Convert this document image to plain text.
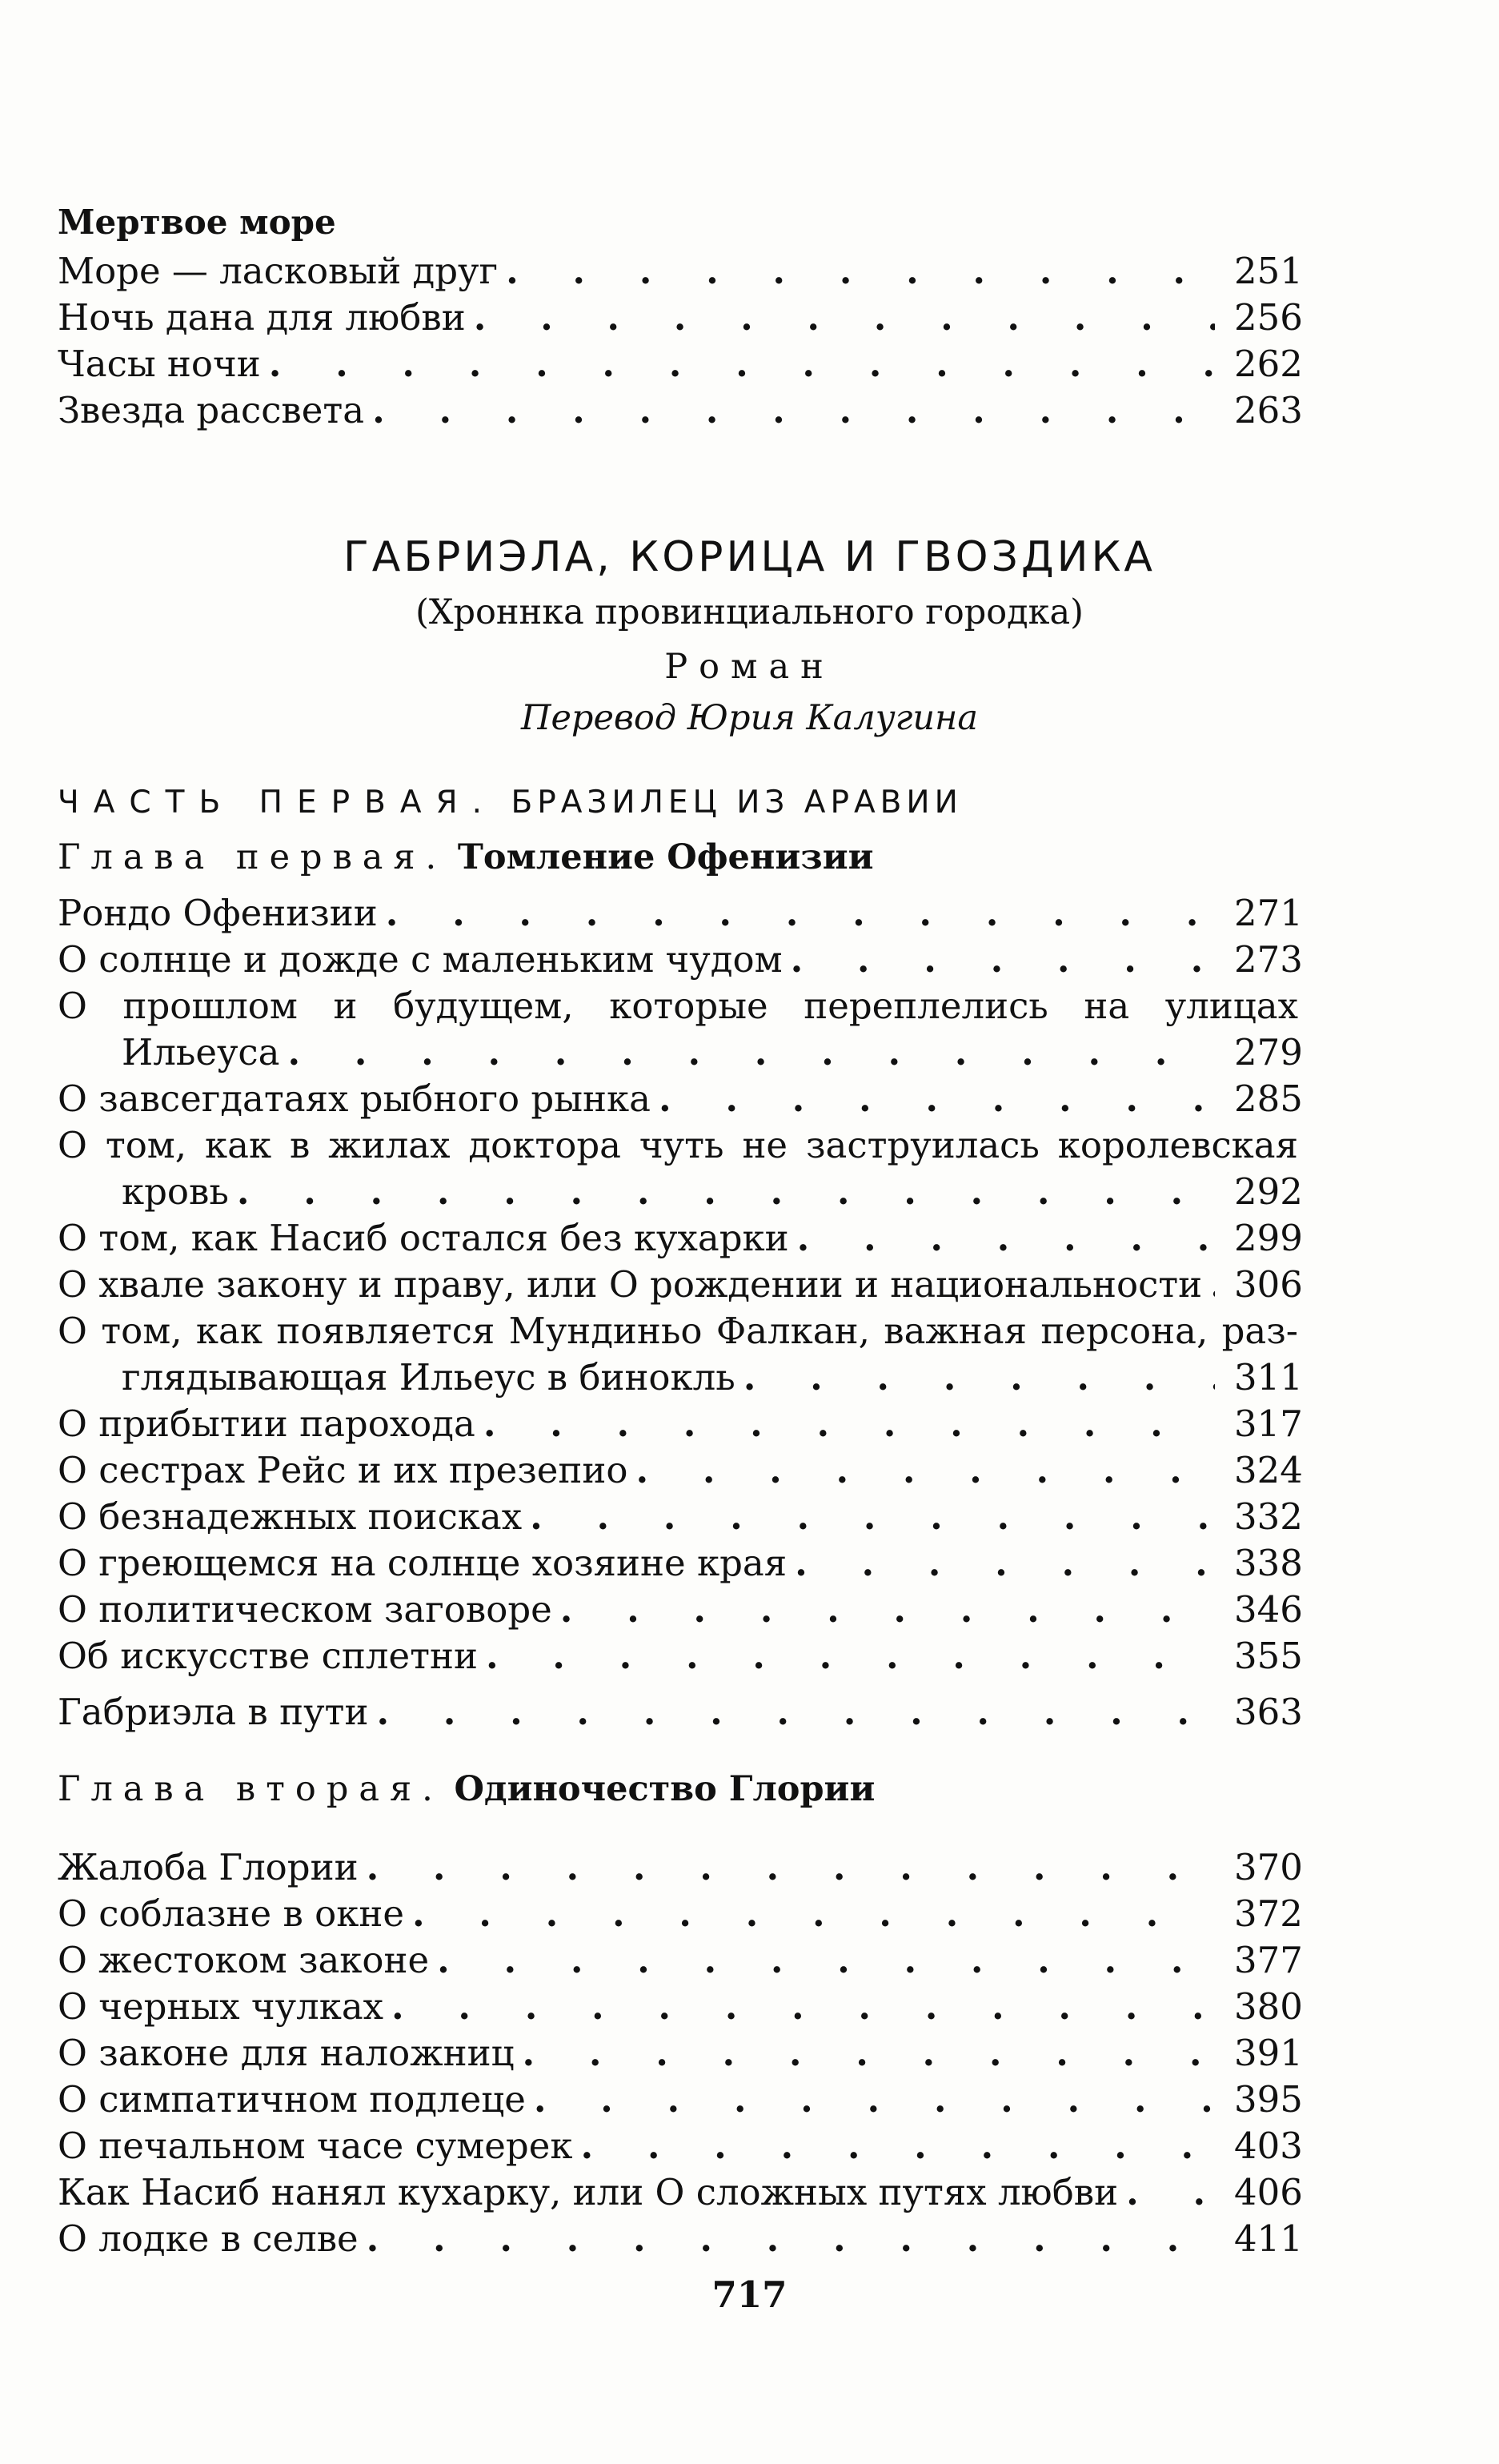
Мертвое море
Море — ласковый друг . . .	251
Ночь дана для любви . . .	256
Часы ночи . . .	262
Звезда рассвета . . .	263
ГАБРИЭЛА, КОРИЦА И ГВОЗДИКА
(Хроннка провинциального городка)
Роман
Перевод Юрия Калугина
ЧАСТЬ ПЕРВАЯ. БРАЗИЛЕЦ ИЗ АРАВИИ
Глава первая. Томление Офенизии
Рондо Офенизии . . .	271
О солнце и дожде с маленьким чудом . . .	273
О прошлом и будущем, которые переплелись на улицах
Ильеуса . . .	279
О завсегдатаях рыбного рынка . . .	285
О том, как в жилах доктора чуть не заструилась королевская
кровь . . .	292
О том, как Насиб остался без кухарки . . .	299
О хвале закону и праву, или О рождении и национальности . . . 306
О том, как появляется Мундиньо Фалкан, важная персона, раз-
глядывающая Ильеус в бинокль . . .	311
О прибытии парохода . . .	317
О сестрах Рейс и их презепио . . .	324
О безнадежных поисках . . .	332
О греющемся на солнце хозяине края . . .	338
О политическом заговоре . . .	346
Об искусстве сплетни . . .	355
Габриэла в пути . . .	363
Глава вторая. Одиночество Глории
Жалоба Глории . . .	370
О соблазне в окне . . .	372
О жестоком законе . . .	377
О черных чулках . . .	380
О законе для наложниц . . .	391
О симпатичном подлеце . . .	395
О печальном часе сумерек . . .	403
Как Насиб нанял кухарку, или О сложных путях любви . . .	406
О лодке в селве . . .	411
717
